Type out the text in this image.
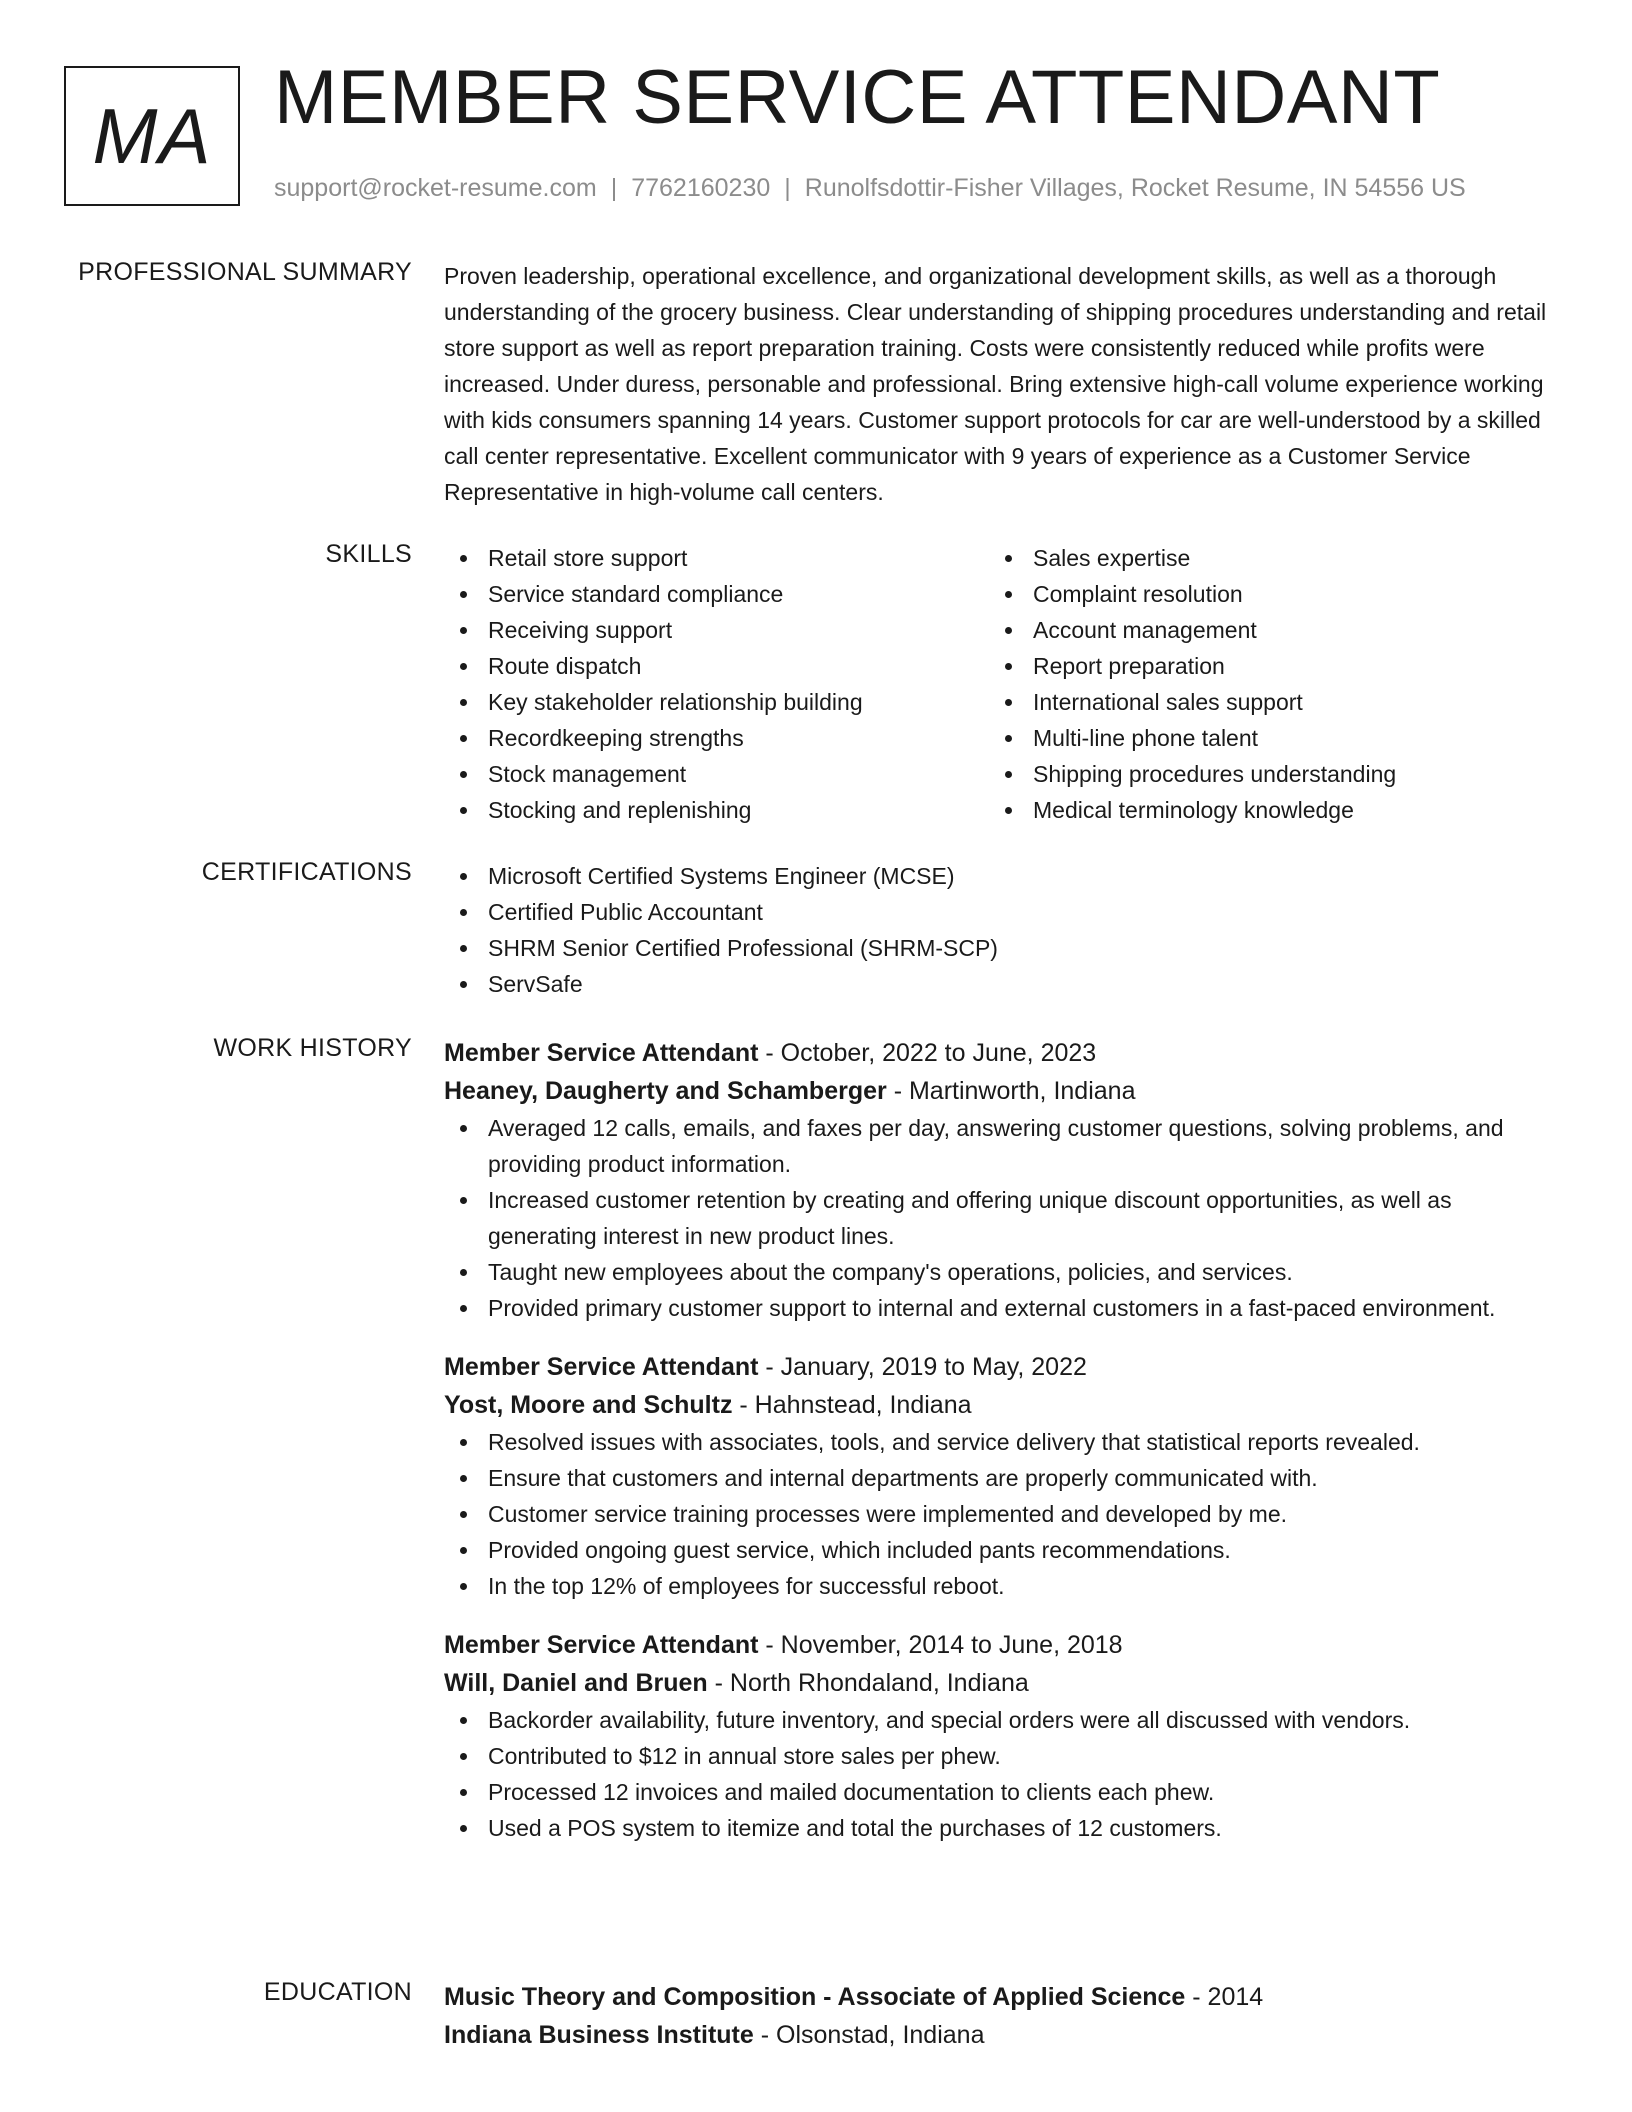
MA MEMBER SERVICE ATTENDANT
support@rocket-resume.com | 7762160230 | Runolfsdottir-Fisher Villages, Rocket Resume, IN 54556 US
PROFESSIONAL SUMMARY Proven leadership, operational excellence, and organizational development skills, as well as a thorough understanding of the grocery business. Clear understanding of shipping procedures understanding and retail store support as well as report preparation training. Costs were consistently reduced while profits were increased. Under duress, personable and professional. Bring extensive high-call volume experience working with kids consumers spanning 14 years. Customer support protocols for car are well-understood by a skilled call center representative. Excellent communicator with 9 years of experience as a Customer Service Representative in high-volume call centers.

SKILLS	Retail store support
Service standard compliance
Receiving support
Route dispatch
Key stakeholder relationship building
Recordkeeping strengths
Stock management
Stocking and replenishing
Sales expertise
Complaint resolution
Account management
Report preparation
International sales support
Multi-line phone talent
Shipping procedures understanding
Medical terminology knowledge
CERTIFICATIONS	Microsoft Certified Systems Engineer (MCSE)
Certified Public Accountant
SHRM Senior Certified Professional (SHRM-SCP)
ServSafe
WORK HISTORY Member Service Attendant - October, 2022 to June, 2023
Heaney, Daugherty and Schamberger - Martinworth, Indiana
Averaged 12 calls, emails, and faxes per day, answering customer questions, solving problems, and providing product information.
Increased customer retention by creating and offering unique discount opportunities, as well as generating interest in new product lines.
Taught new employees about the company's operations, policies, and services.
Provided primary customer support to internal and external customers in a fast-paced environment.
Member Service Attendant - January, 2019 to May, 2022
Yost, Moore and Schultz - Hahnstead, Indiana
Resolved issues with associates, tools, and service delivery that statistical reports revealed.
Ensure that customers and internal departments are properly communicated with.
Customer service training processes were implemented and developed by me.
Provided ongoing guest service, which included pants recommendations.
In the top 12% of employees for successful reboot.
Member Service Attendant - November, 2014 to June, 2018
Will, Daniel and Bruen - North Rhondaland, Indiana
Backorder availability, future inventory, and special orders were all discussed with vendors.
Contributed to $12 in annual store sales per phew.
Processed 12 invoices and mailed documentation to clients each phew.
Used a POS system to itemize and total the purchases of 12 customers.
EDUCATION Music Theory and Composition - Associate of Applied Science - 2014
Indiana Business Institute - Olsonstad, Indiana
